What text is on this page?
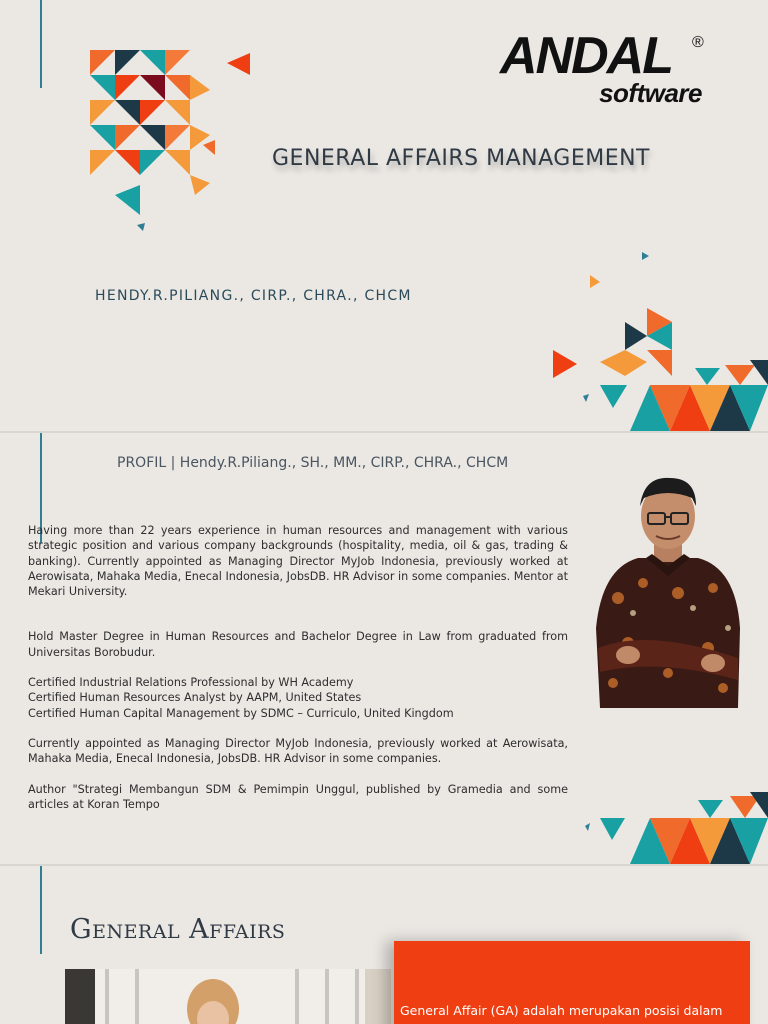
ANDAL ®
software
GENERAL AFFAIRS MANAGEMENT
HENDY.R.PILIANG., CIRP., CHRA., CHCM
PROFIL | Hendy.R.Piliang., SH., MM., CIRP., CHRA., CHCM

Having more than 22 years experience in human resources and management with various strategic position and various company backgrounds (hospitality, media, oil & gas, trading & banking). Currently appointed as Managing Director MyJob Indonesia, previously worked at Aerowisata, Mahaka Media, Enecal Indonesia, JobsDB. HR Advisor in some companies. Mentor at Mekari University.

Hold Master Degree in Human Resources and Bachelor Degree in Law from graduated from Universitas Borobudur.

Certified Industrial Relations Professional by WH Academy
Certified Human Resources Analyst by AAPM, United States
Certified Human Capital Management by SDMC – Curriculo, United Kingdom

Currently appointed as Managing Director MyJob Indonesia, previously worked at Aerowisata, Mahaka Media, Enecal Indonesia, JobsDB. HR Advisor in some companies.

Author "Strategi Membangun SDM & Pemimpin Unggul, published by Gramedia and some articles at Koran Tempo

General Affairs
General Affair (GA) adalah merupakan posisi dalam
